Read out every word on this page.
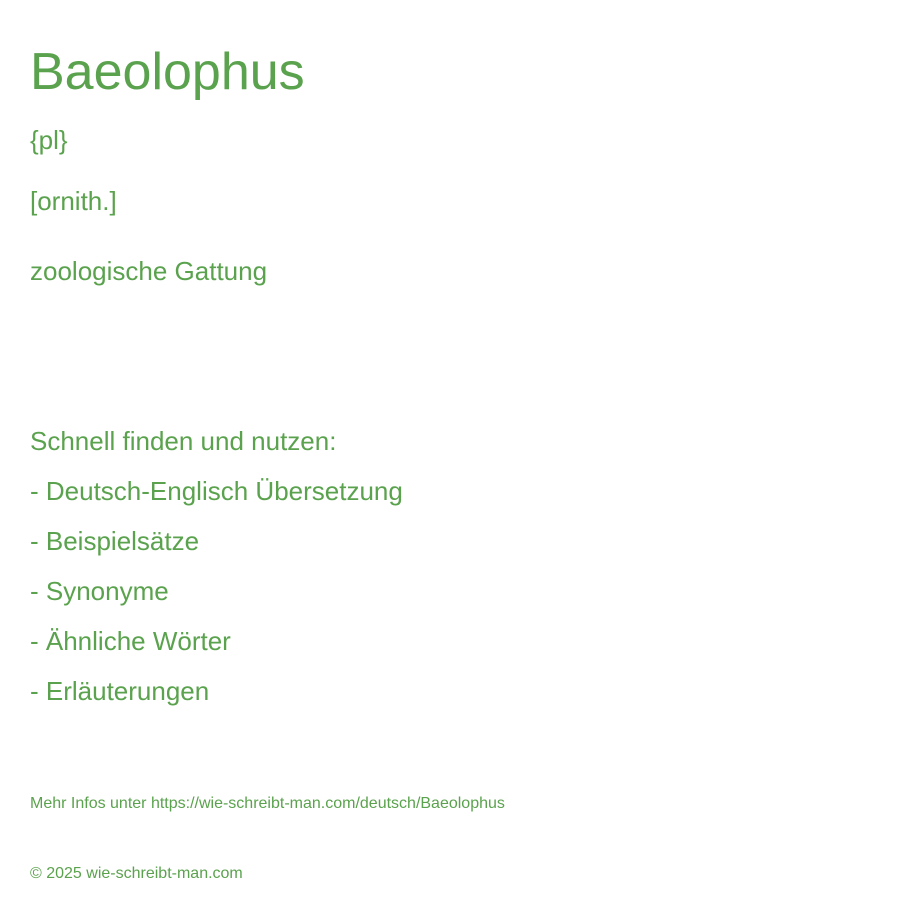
Baeolophus
{pl}
[ornith.]
zoologische Gattung
Schnell finden und nutzen:
- Deutsch-Englisch Übersetzung
- Beispielsätze
- Synonyme
- Ähnliche Wörter
- Erläuterungen
Mehr Infos unter https://wie-schreibt-man.com/deutsch/Baeolophus
© 2025 wie-schreibt-man.com
